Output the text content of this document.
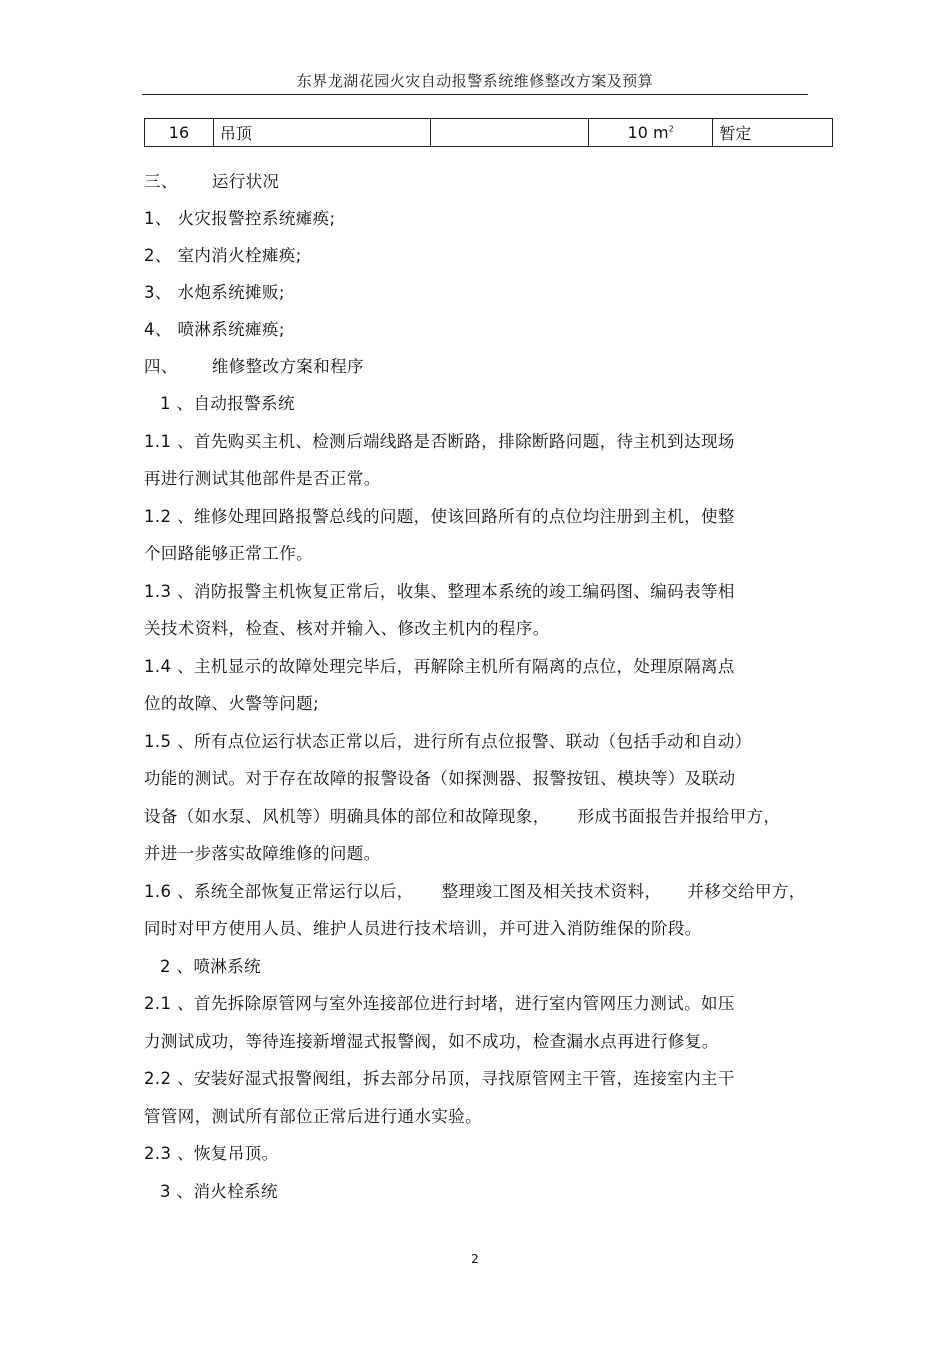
东界龙湖花园火灾自动报警系统维修整改方案及预算
16	吊顶		10 $m^2$	暂定
三、 运行状况
1、 火灾报警控系统瘫痪;
2、 室内消火栓瘫痪;
3、 水炮系统摊贩;
4、 喷淋系统瘫痪;
四、 维修整改方案和程序
1 、自动报警系统
1.1 、首先购买主机、检测后端线路是否断路，排除断路问题，待主机到达现场
再进行测试其他部件是否正常。
1.2 、维修处理回路报警总线的问题，使该回路所有的点位均注册到主机，使整
个回路能够正常工作。
1.3 、消防报警主机恢复正常后，收集、整理本系统的竣工编码图、编码表等相
关技术资料，检查、核对并输入、修改主机内的程序。
1.4 、主机显示的故障处理完毕后，再解除主机所有隔离的点位，处理原隔离点
位的故障、火警等问题;
1.5 、所有点位运行状态正常以后，进行所有点位报警、联动（包括手动和自动）
功能的测试。对于存在故障的报警设备（如探测器、报警按钮、模块等）及联动
设备（如水泵、风机等）明确具体的部位和故障现象， 形成书面报告并报给甲方，
并进一步落实故障维修的问题。
1.6 、系统全部恢复正常运行以后， 整理竣工图及相关技术资料， 并移交给甲方，
同时对甲方使用人员、维护人员进行技术培训，并可进入消防维保的阶段。
2 、喷淋系统
2.1 、首先拆除原管网与室外连接部位进行封堵，进行室内管网压力测试。如压
力测试成功，等待连接新增湿式报警阀，如不成功，检查漏水点再进行修复。
2.2 、安装好湿式报警阀组，拆去部分吊顶，寻找原管网主干管，连接室内主干
管管网，测试所有部位正常后进行通水实验。
2.3 、恢复吊顶。
3 、消火栓系统
2
